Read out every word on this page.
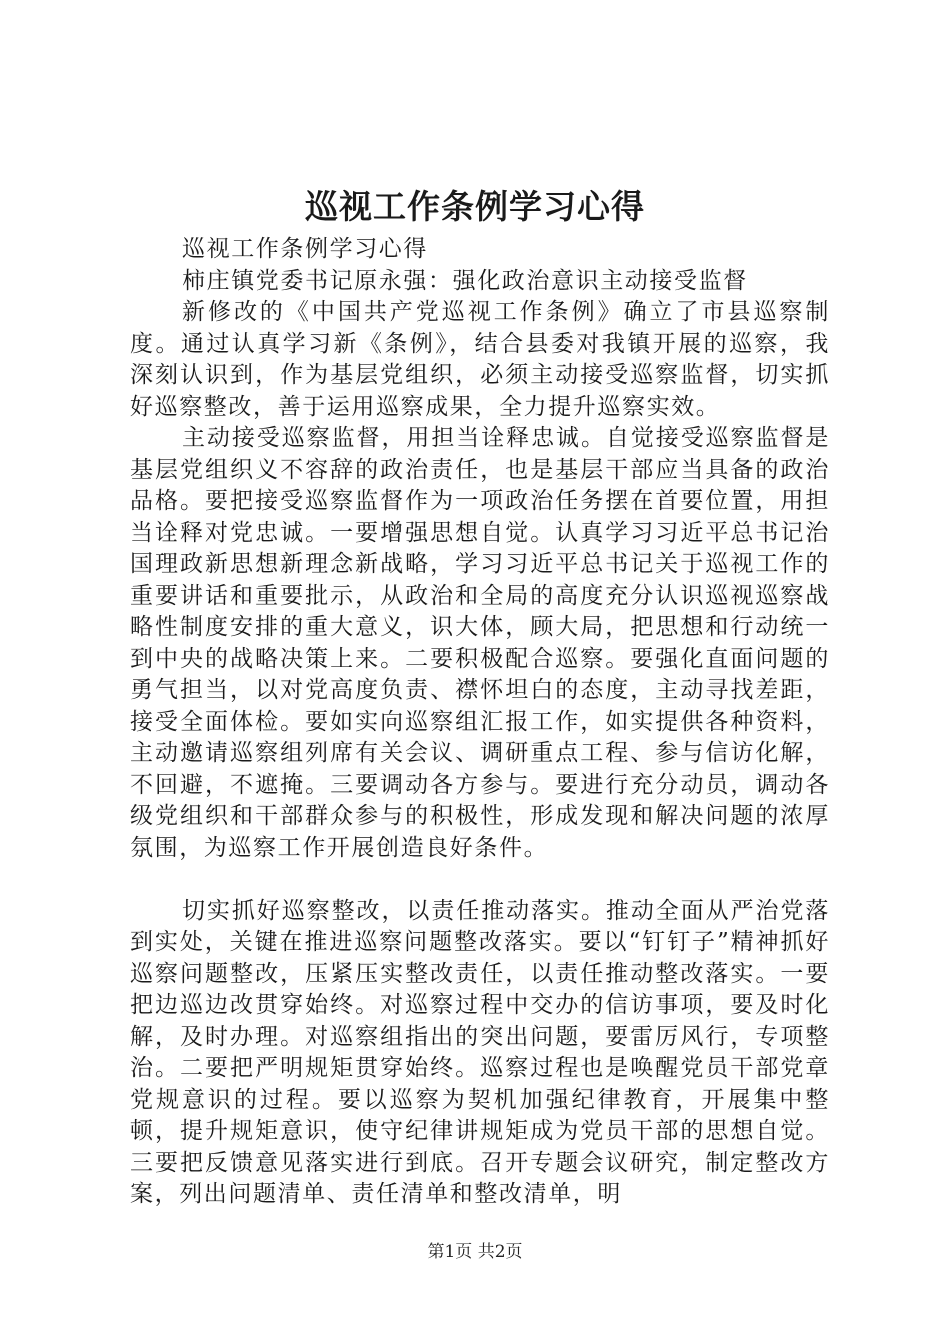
巡视工作条例学习心得

巡视工作条例学习心得

柿庄镇党委书记原永强：强化政治意识主动接受监督

新修改的《中国共产党巡视工作条例》确立了市县巡察制度。通过认真学习新《条例》，结合县委对我镇开展的巡察，我深刻认识到，作为基层党组织，必须主动接受巡察监督，切实抓好巡察整改，善于运用巡察成果，全力提升巡察实效。

主动接受巡察监督，用担当诠释忠诚。自觉接受巡察监督是基层党组织义不容辞的政治责任，也是基层干部应当具备的政治品格。要把接受巡察监督作为一项政治任务摆在首要位置，用担当诠释对党忠诚。一要增强思想自觉。认真学习习近平总书记治国理政新思想新理念新战略，学习习近平总书记关于巡视工作的重要讲话和重要批示，从政治和全局的高度充分认识巡视巡察战略性制度安排的重大意义，识大体，顾大局，把思想和行动统一到中央的战略决策上来。二要积极配合巡察。要强化直面问题的勇气担当，以对党高度负责、襟怀坦白的态度，主动寻找差距，接受全面体检。要如实向巡察组汇报工作，如实提供各种资料，主动邀请巡察组列席有关会议、调研重点工程、参与信访化解，不回避，不遮掩。三要调动各方参与。要进行充分动员，调动各级党组织和干部群众参与的积极性，形成发现和解决问题的浓厚氛围，为巡察工作开展创造良好条件。

切实抓好巡察整改，以责任推动落实。推动全面从严治党落到实处，关键在推进巡察问题整改落实。要以“钉钉子”精神抓好巡察问题整改，压紧压实整改责任，以责任推动整改落实。一要把边巡边改贯穿始终。对巡察过程中交办的信访事项，要及时化解，及时办理。对巡察组指出的突出问题，要雷厉风行，专项整治。二要把严明规矩贯穿始终。巡察过程也是唤醒党员干部党章党规意识的过程。要以巡察为契机加强纪律教育，开展集中整顿，提升规矩意识，使守纪律讲规矩成为党员干部的思想自觉。三要把反馈意见落实进行到底。召开专题会议研究，制定整改方案，列出问题清单、责任清单和整改清单，明

第1页 共2页
